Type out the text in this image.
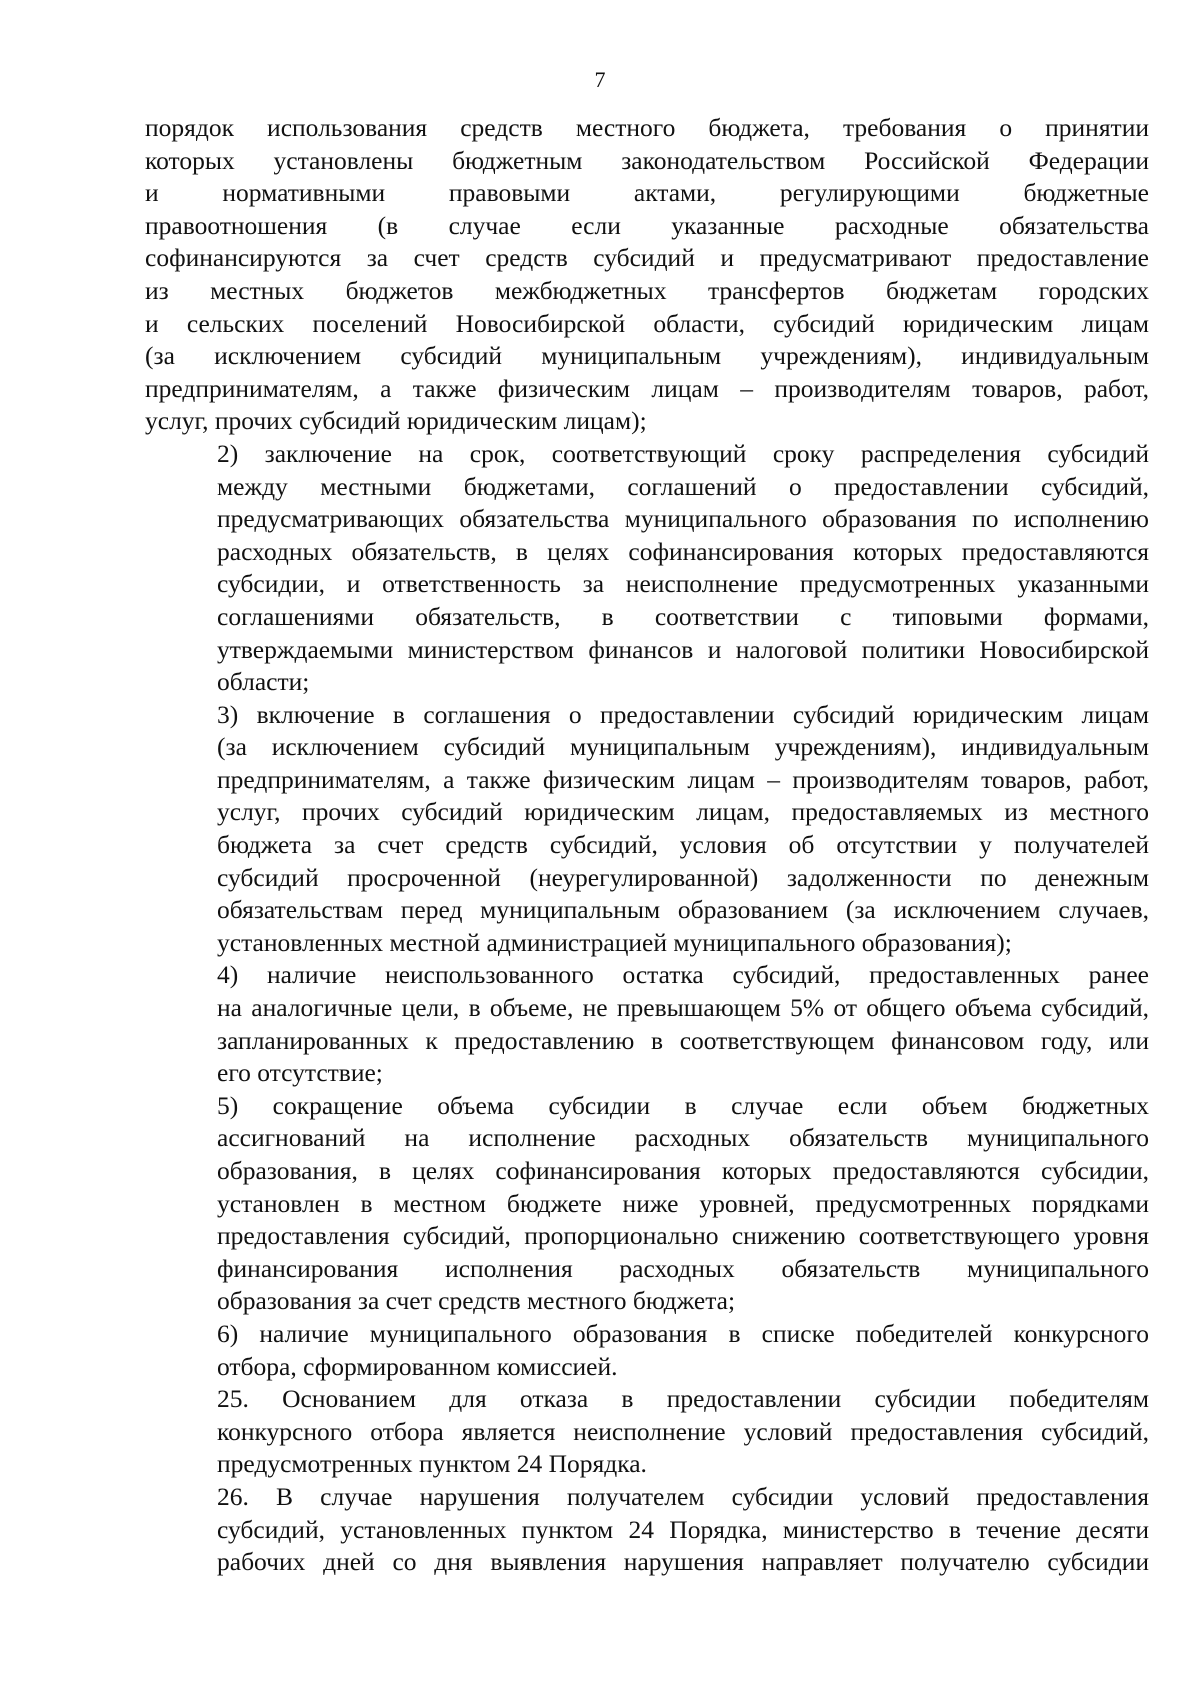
7
порядок использования средств местного бюджета, требования о принятии
которых установлены бюджетным законодательством Российской Федерации
и нормативными правовыми актами, регулирующими бюджетные
правоотношения (в случае если указанные расходные обязательства
софинансируются за счет средств субсидий и предусматривают предоставление
из местных бюджетов межбюджетных трансфертов бюджетам городских
и сельских поселений Новосибирской области, субсидий юридическим лицам
(за исключением субсидий муниципальным учреждениям), индивидуальным
предпринимателям, а также физическим лицам – производителям товаров, работ,
услуг, прочих субсидий юридическим лицам);
2) заключение на срок, соответствующий сроку распределения субсидий
между местными бюджетами, соглашений о предоставлении субсидий,
предусматривающих обязательства муниципального образования по исполнению
расходных обязательств, в целях софинансирования которых предоставляются
субсидии, и ответственность за неисполнение предусмотренных указанными
соглашениями обязательств, в соответствии с типовыми формами,
утверждаемыми министерством финансов и налоговой политики Новосибирской
области;
3) включение в соглашения о предоставлении субсидий юридическим лицам
(за исключением субсидий муниципальным учреждениям), индивидуальным
предпринимателям, а также физическим лицам – производителям товаров, работ,
услуг, прочих субсидий юридическим лицам, предоставляемых из местного
бюджета за счет средств субсидий, условия об отсутствии у получателей
субсидий просроченной (неурегулированной) задолженности по денежным
обязательствам перед муниципальным образованием (за исключением случаев,
установленных местной администрацией муниципального образования);
4) наличие неиспользованного остатка субсидий, предоставленных ранее
на аналогичные цели, в объеме, не превышающем 5% от общего объема субсидий,
запланированных к предоставлению в соответствующем финансовом году, или
его отсутствие;
5) сокращение объема субсидии в случае если объем бюджетных
ассигнований на исполнение расходных обязательств муниципального
образования, в целях софинансирования которых предоставляются субсидии,
установлен в местном бюджете ниже уровней, предусмотренных порядками
предоставления субсидий, пропорционально снижению соответствующего уровня
финансирования исполнения расходных обязательств муниципального
образования за счет средств местного бюджета;
6) наличие муниципального образования в списке победителей конкурсного
отбора, сформированном комиссией.
25. Основанием для отказа в предоставлении субсидии победителям
конкурсного отбора является неисполнение условий предоставления субсидий,
предусмотренных пунктом 24 Порядка.
26. В случае нарушения получателем субсидии условий предоставления
субсидий, установленных пунктом 24 Порядка, министерство в течение десяти
рабочих дней со дня выявления нарушения направляет получателю субсидии
